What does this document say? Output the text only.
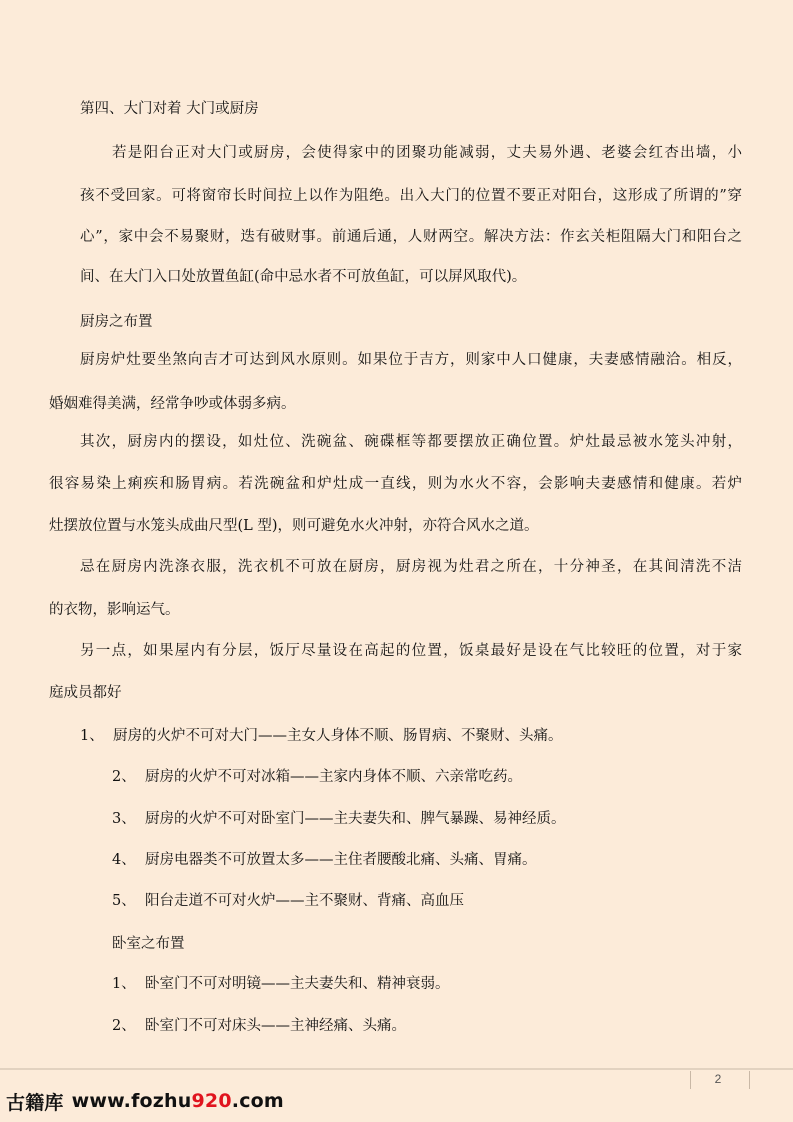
第四、大门对着 大门或厨房
若是阳台正对大门或厨房，会使得家中的团聚功能减弱，丈夫易外遇、老婆会红杏出墙，小
孩不受回家。可将窗帘长时间拉上以作为阻绝。出入大门的位置不要正对阳台，这形成了所谓的”穿
心”，家中会不易聚财，迭有破财事。前通后通，人财两空。解决方法：作玄关柜阻隔大门和阳台之
间、在大门入口处放置鱼缸(命中忌水者不可放鱼缸，可以屏风取代)。
厨房之布置
厨房炉灶要坐煞向吉才可达到风水原则。如果位于吉方，则家中人口健康，夫妻感情融洽。相反，
婚姻难得美满，经常争吵或体弱多病。
其次，厨房内的摆设，如灶位、洗碗盆、碗碟框等都要摆放正确位置。炉灶最忌被水笼头冲射，
很容易染上痢疾和肠胃病。若洗碗盆和炉灶成一直线，则为水火不容，会影响夫妻感情和健康。若炉
灶摆放位置与水笼头成曲尺型(L 型)，则可避免水火冲射，亦符合风水之道。
忌在厨房内洗涤衣服，洗衣机不可放在厨房，厨房视为灶君之所在，十分神圣，在其间清洗不洁
的衣物，影响运气。
另一点，如果屋内有分层，饭厅尽量设在高起的位置，饭桌最好是设在气比较旺的位置，对于家
庭成员都好
1、 厨房的火炉不可对大门——主女人身体不顺、肠胃病、不聚财、头痛。
2、 厨房的火炉不可对冰箱——主家内身体不顺、六亲常吃药。
3、 厨房的火炉不可对卧室门——主夫妻失和、脾气暴躁、易神经质。
4、 厨房电器类不可放置太多——主住者腰酸北痛、头痛、胃痛。
5、 阳台走道不可对火炉——主不聚财、背痛、高血压
卧室之布置
1、 卧室门不可对明镜——主夫妻失和、精神衰弱。
2、 卧室门不可对床头——主神经痛、头痛。
2
古籍库 www.fozhu 920 .com
